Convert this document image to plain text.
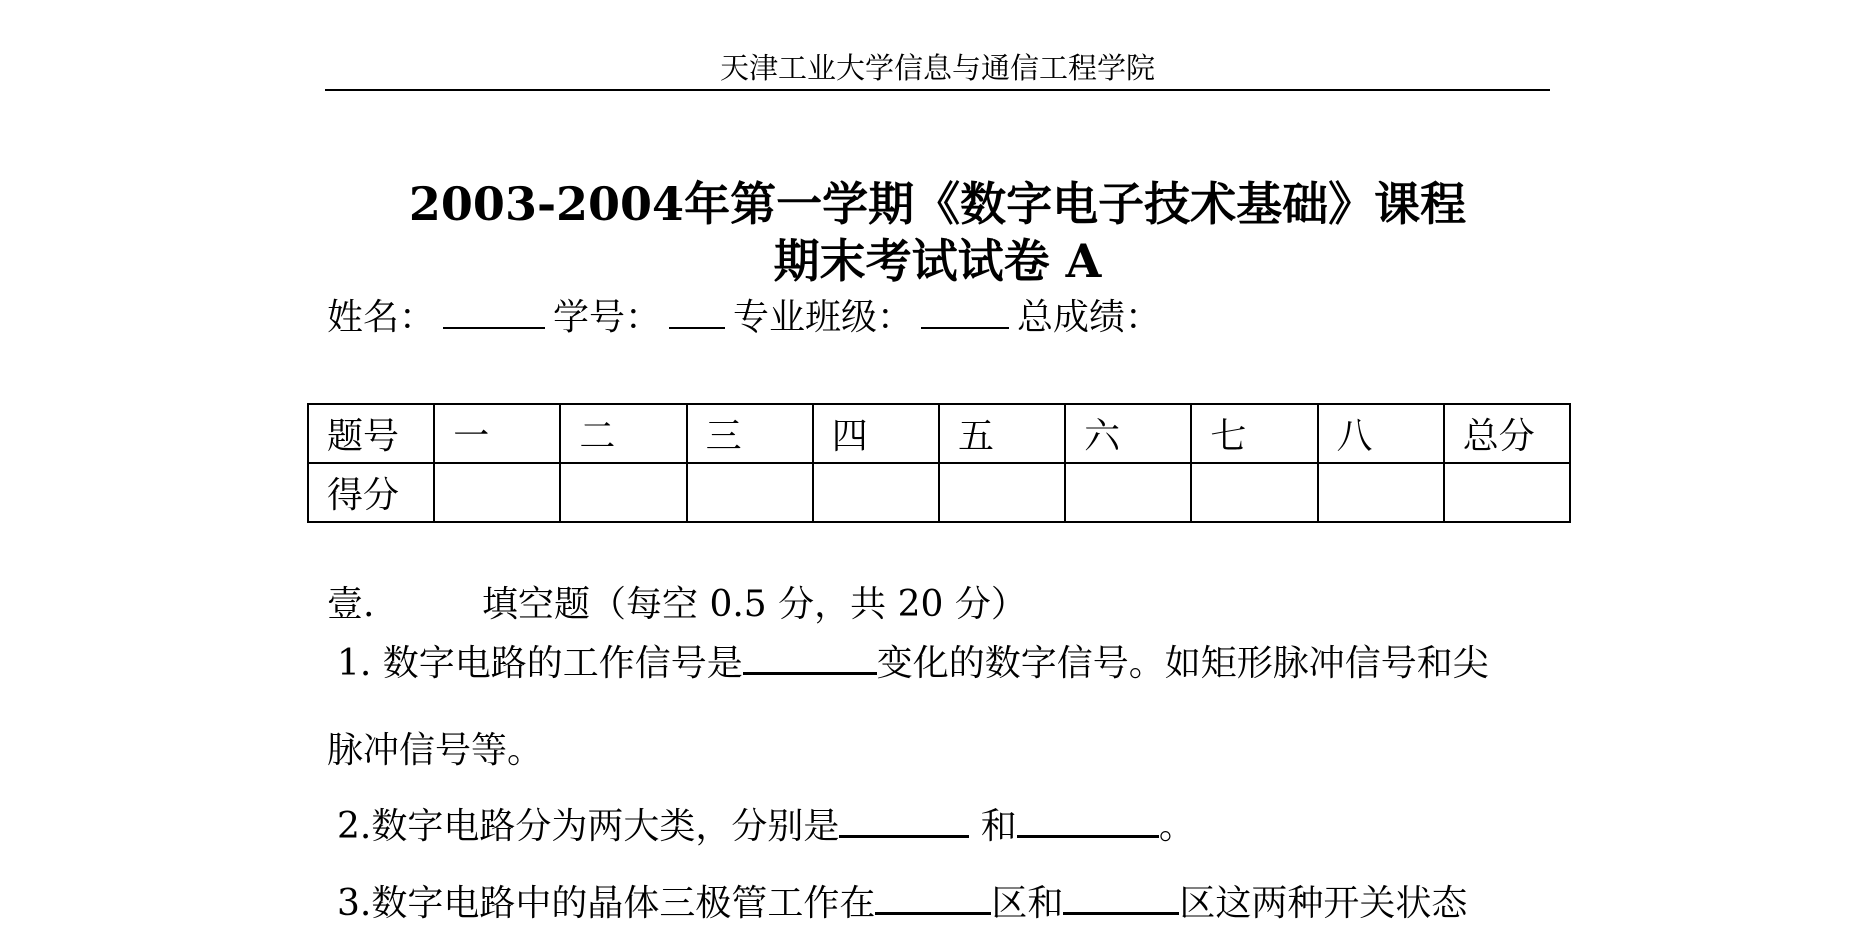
天津工业大学信息与通信工程学院
2003-2004年第一学期《数字电子技术基础》课程
期末考试试卷 A
姓名：	学号： 专业班级：	总成绩：
题号	一	二	三	四	五	六	七	八	总分
得分									
壹.	填空题（每空 0.5 分，共 20 分）
1. 数字电路的工作信号是	变化的数字信号。如矩形脉冲信号和尖
脉冲信号等。
2.数字电路分为两大类，分别是	和	。
3.数字电路中的晶体三极管工作在	区和	区这两种开关状态
